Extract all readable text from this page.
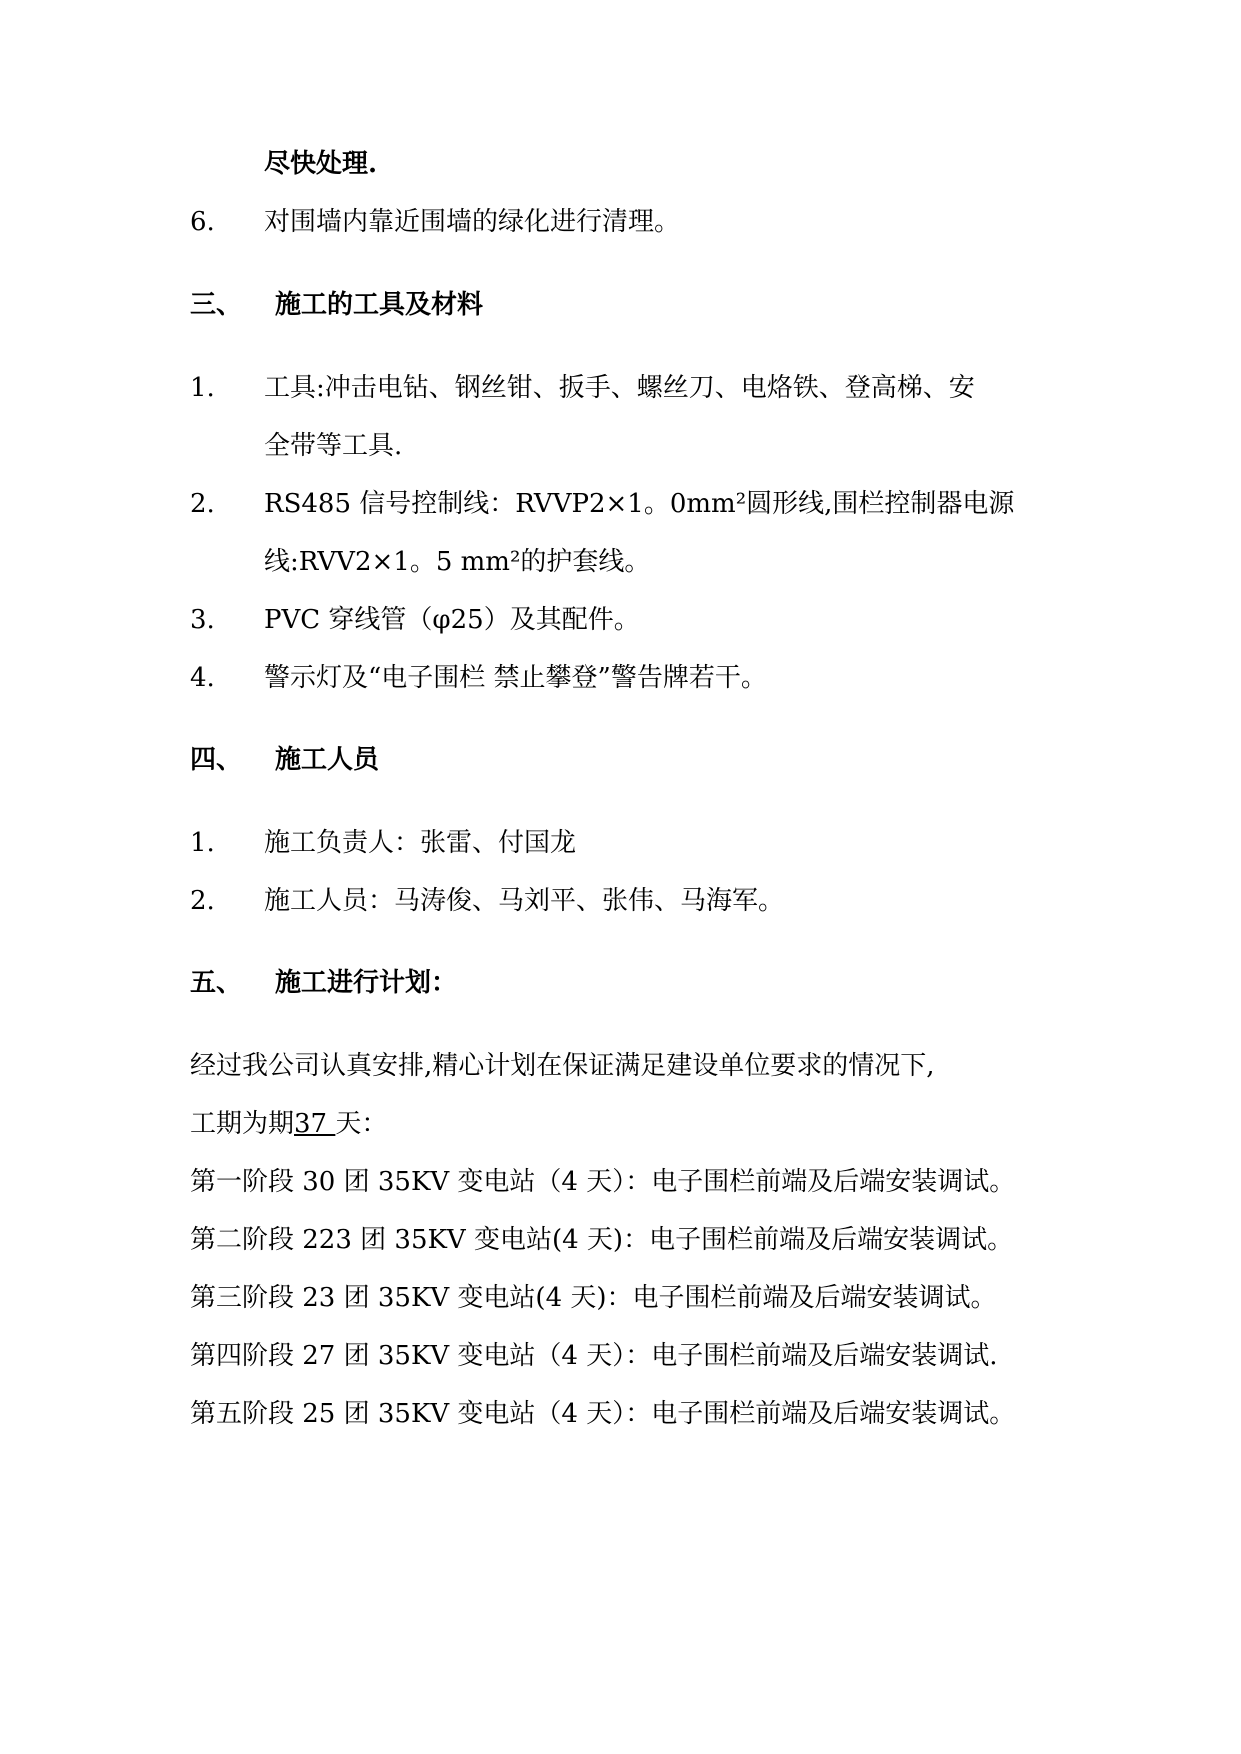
尽快处理.
6. 对围墙内靠近围墙的绿化进行清理。
三、 施工的工具及材料
1. 工具:冲击电钻、钢丝钳、扳手、螺丝刀、电烙铁、登高梯、安
全带等工具.
2. RS485 信号控制线：RVVP2×1。0mm²圆形线,围栏控制器电源
线:RVV2×1。5 mm²的护套线。
3. PVC 穿线管（φ25）及其配件。
4. 警示灯及“电子围栏 禁止攀登”警告牌若干。
四、 施工人员
1. 施工负责人：张雷、付国龙
2. 施工人员：马涛俊、马刘平、张伟、马海军。
五、 施工进行计划：
经过我公司认真安排,精心计划在保证满足建设单位要求的情况下,
工期为期37 天：
第一阶段 30 团 35KV 变电站（4 天）：电子围栏前端及后端安装调试。
第二阶段 223 团 35KV 变电站(4 天)：电子围栏前端及后端安装调试。
第三阶段 23 团 35KV 变电站(4 天)：电子围栏前端及后端安装调试。
第四阶段 27 团 35KV 变电站（4 天）：电子围栏前端及后端安装调试.
第五阶段 25 团 35KV 变电站（4 天）：电子围栏前端及后端安装调试。
